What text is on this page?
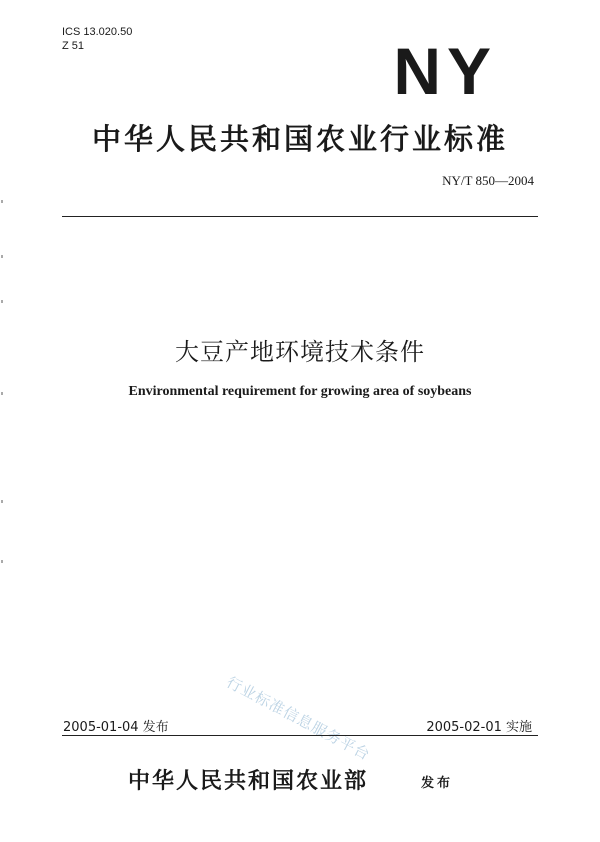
ICS 13.020.50
Z 51	NY
中华人民共和国农业行业标准
NY/T 850—2004
大豆产地环境技术条件
Environmental requirement for growing area of soybeans
行业标准信息服务平台
2005-01-04 发布	2005-02-01 实施
中华人民共和国农业部	发布
